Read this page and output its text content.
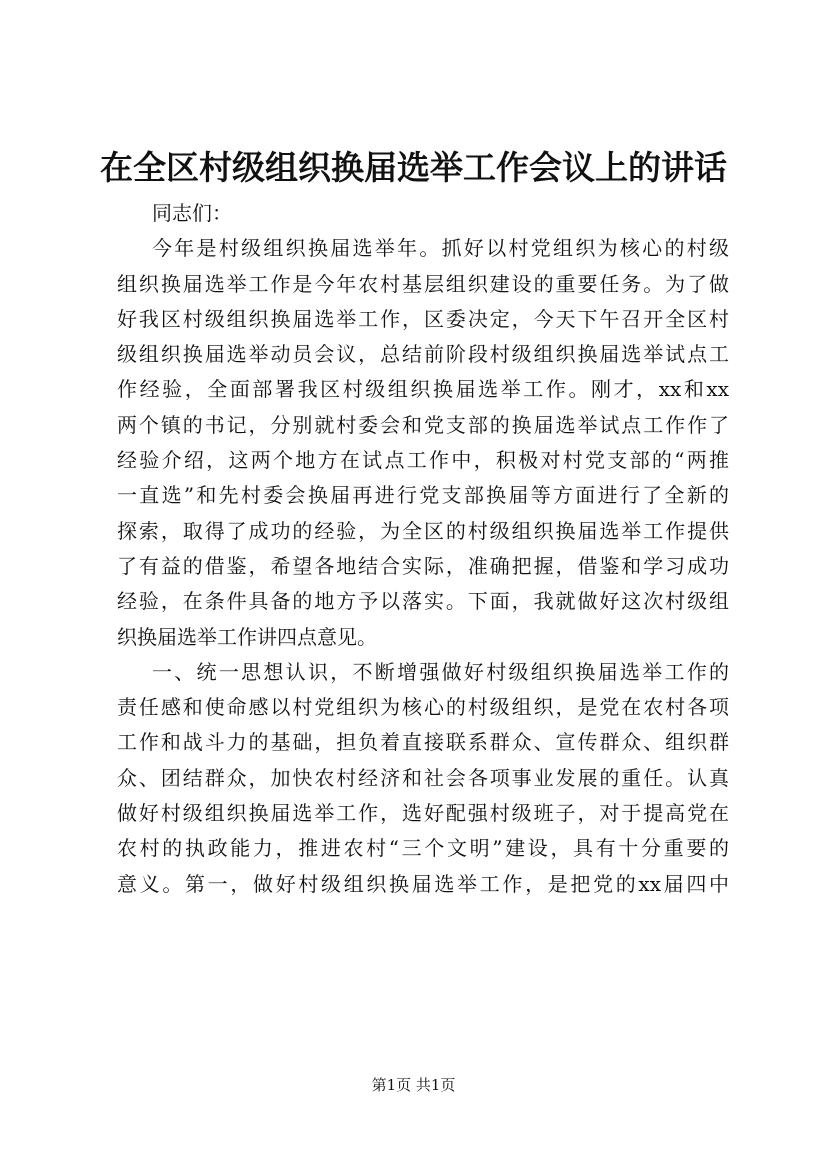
在全区村级组织换届选举工作会议上的讲话
同志们：
今年是村级组织换届选举年。抓好以村党组织为核心的村级
组织换届选举工作是今年农村基层组织建设的重要任务。为了做
好我区村级组织换届选举工作，区委决定，今天下午召开全区村
级组织换届选举动员会议，总结前阶段村级组织换届选举试点工
作经验，全面部署我区村级组织换届选举工作。刚才，xx和xx
两个镇的书记，分别就村委会和党支部的换届选举试点工作作了
经验介绍，这两个地方在试点工作中，积极对村党支部的“两推
一直选”和先村委会换届再进行党支部换届等方面进行了全新的
探索，取得了成功的经验，为全区的村级组织换届选举工作提供
了有益的借鉴，希望各地结合实际，准确把握，借鉴和学习成功
经验，在条件具备的地方予以落实。下面，我就做好这次村级组
织换届选举工作讲四点意见。
一、统一思想认识，不断增强做好村级组织换届选举工作的
责任感和使命感以村党组织为核心的村级组织，是党在农村各项
工作和战斗力的基础，担负着直接联系群众、宣传群众、组织群
众、团结群众，加快农村经济和社会各项事业发展的重任。认真
做好村级组织换届选举工作，选好配强村级班子，对于提高党在
农村的执政能力，推进农村“三个文明”建设，具有十分重要的
意义。第一，做好村级组织换届选举工作，是把党的xx届四中
第1页 共1页
